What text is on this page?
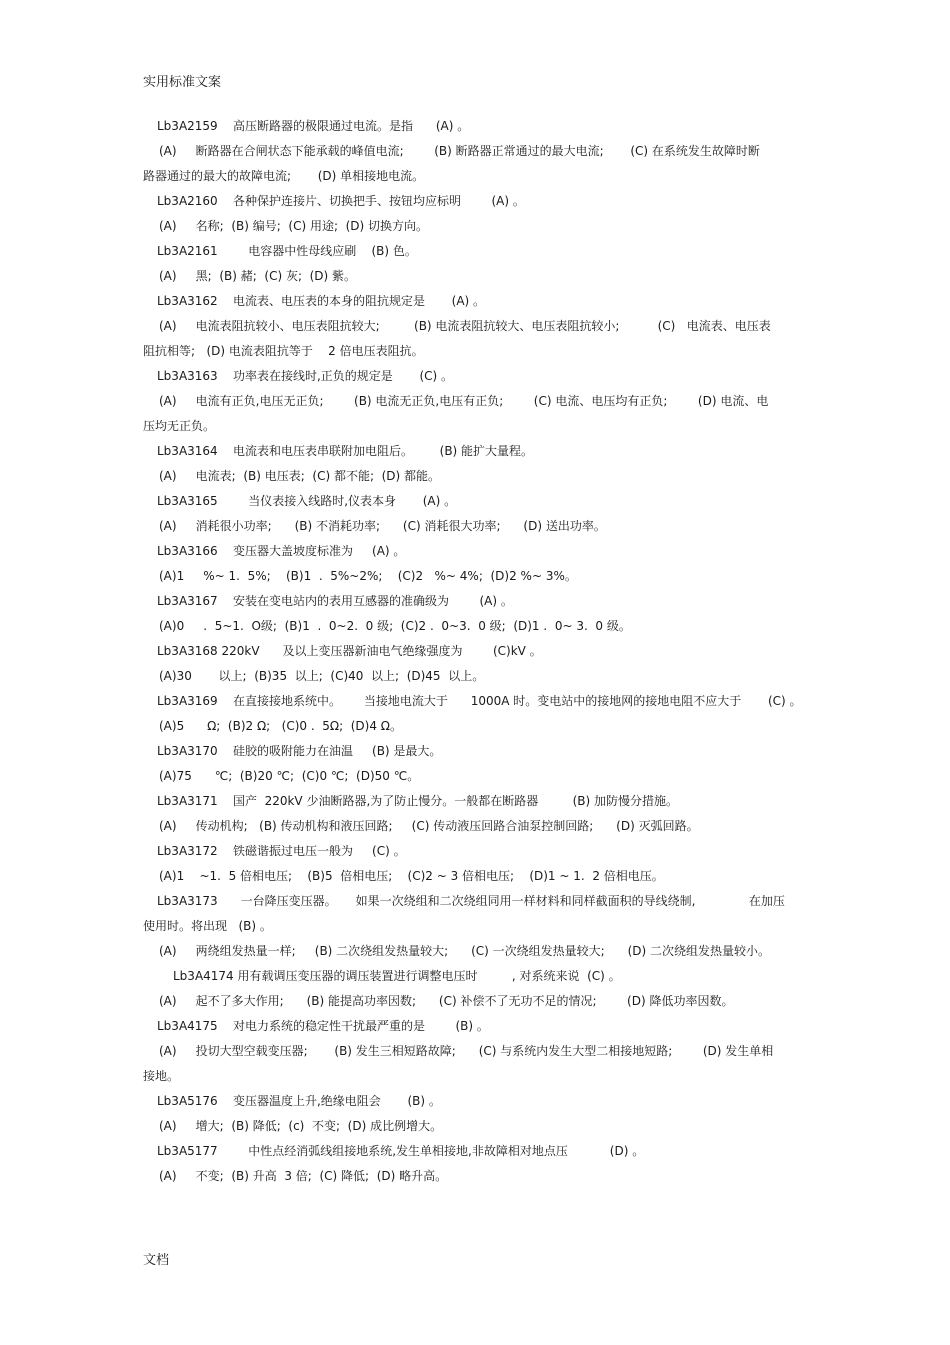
实用标准文案
Lb3A2159    高压断路器的极限通过电流。是指      (A) 。
(A)     断路器在合闸状态下能承载的峰值电流;        (B) 断路器正常通过的最大电流;       (C) 在系统发生故障时断
路器通过的最大的故障电流;       (D) 单相接地电流。
Lb3A2160    各种保护连接片、切换把手、按钮均应标明        (A) 。
(A)     名称;  (B) 编号;  (C) 用途;  (D) 切换方向。
Lb3A2161        电容器中性母线应刷    (B) 色。
(A)     黑;  (B) 赭;  (C) 灰;  (D) 紫。
Lb3A3162    电流表、电压表的本身的阻抗规定是       (A) 。
(A)     电流表阻抗较小、电压表阻抗较大;         (B) 电流表阻抗较大、电压表阻抗较小;          (C)   电流表、电压表
阻抗相等;   (D) 电流表阻抗等于    2 倍电压表阻抗。
Lb3A3163    功率表在接线时,正负的规定是       (C) 。
(A)     电流有正负,电压无正负;        (B) 电流无正负,电压有正负;        (C) 电流、电压均有正负;        (D) 电流、电
压均无正负。
Lb3A3164    电流表和电压表串联附加电阻后。       (B) 能扩大量程。
(A)     电流表;  (B) 电压表;  (C) 都不能;  (D) 都能。
Lb3A3165        当仪表接入线路时,仪表本身       (A) 。
(A)     消耗很小功率;      (B) 不消耗功率;      (C) 消耗很大功率;      (D) 送出功率。
Lb3A3166    变压器大盖坡度标准为     (A) 。
(A)1     %~ 1.  5%;    (B)1  .  5%~2%;    (C)2   %~ 4%;  (D)2 %~ 3%。
Lb3A3167    安装在变电站内的表用互感器的准确级为        (A) 。
(A)0     .  5~1.  O级;  (B)1  .  0~2.  0 级;  (C)2 .  0~3.  0 级;  (D)1 .  0~ 3.  0 级。
Lb3A3168 220kV      及以上变压器新油电气绝缘强度为        (C)kV 。
(A)30       以上;  (B)35  以上;  (C)40  以上;  (D)45  以上。
Lb3A3169    在直接接地系统中。      当接地电流大于      1000A 时。变电站中的接地网的接地电阻不应大于       (C) 。
(A)5      Ω;  (B)2 Ω;   (C)0 .  5Ω;  (D)4 Ω。
Lb3A3170    硅胶的吸附能力在油温     (B) 是最大。
(A)75      ℃;  (B)20 ℃;  (C)0 ℃;  (D)50 ℃。
Lb3A3171    国产  220kV 少油断路器,为了防止慢分。一般都在断路器         (B) 加防慢分措施。
(A)     传动机构;   (B) 传动机构和液压回路;     (C) 传动液压回路合油泵控制回路;      (D) 灭弧回路。
Lb3A3172    铁磁谐振过电压一般为     (C) 。
(A)1    ~1.  5 倍相电压;    (B)5  倍相电压;    (C)2 ~ 3 倍相电压;    (D)1 ~ 1.  2 倍相电压。
Lb3A3173      一台降压变压器。     如果一次绕组和二次绕组同用一样材料和同样截面积的导线绕制,              在加压
使用时。将出现   (B) 。
(A)     两绕组发热量一样;     (B) 二次绕组发热量较大;      (C) 一次绕组发热量较大;      (D) 二次绕组发热量较小。
Lb3A4174 用有载调压变压器的调压装置进行调整电压时         , 对系统来说  (C) 。
(A)     起不了多大作用;      (B) 能提高功率因数;      (C) 补偿不了无功不足的情况;        (D) 降低功率因数。
Lb3A4175    对电力系统的稳定性干扰最严重的是        (B) 。
(A)     投切大型空载变压器;       (B) 发生三相短路故障;      (C) 与系统内发生大型二相接地短路;        (D) 发生单相
接地。
Lb3A5176    变压器温度上升,绝缘电阻会       (B) 。
(A)     增大;  (B) 降低;  (c)  不变;  (D) 成比例增大。
Lb3A5177        中性点经消弧线组接地系统,发生单相接地,非故障相对地点压           (D) 。
(A)     不变;  (B) 升高  3 倍;  (C) 降低;  (D) 略升高。
文档
